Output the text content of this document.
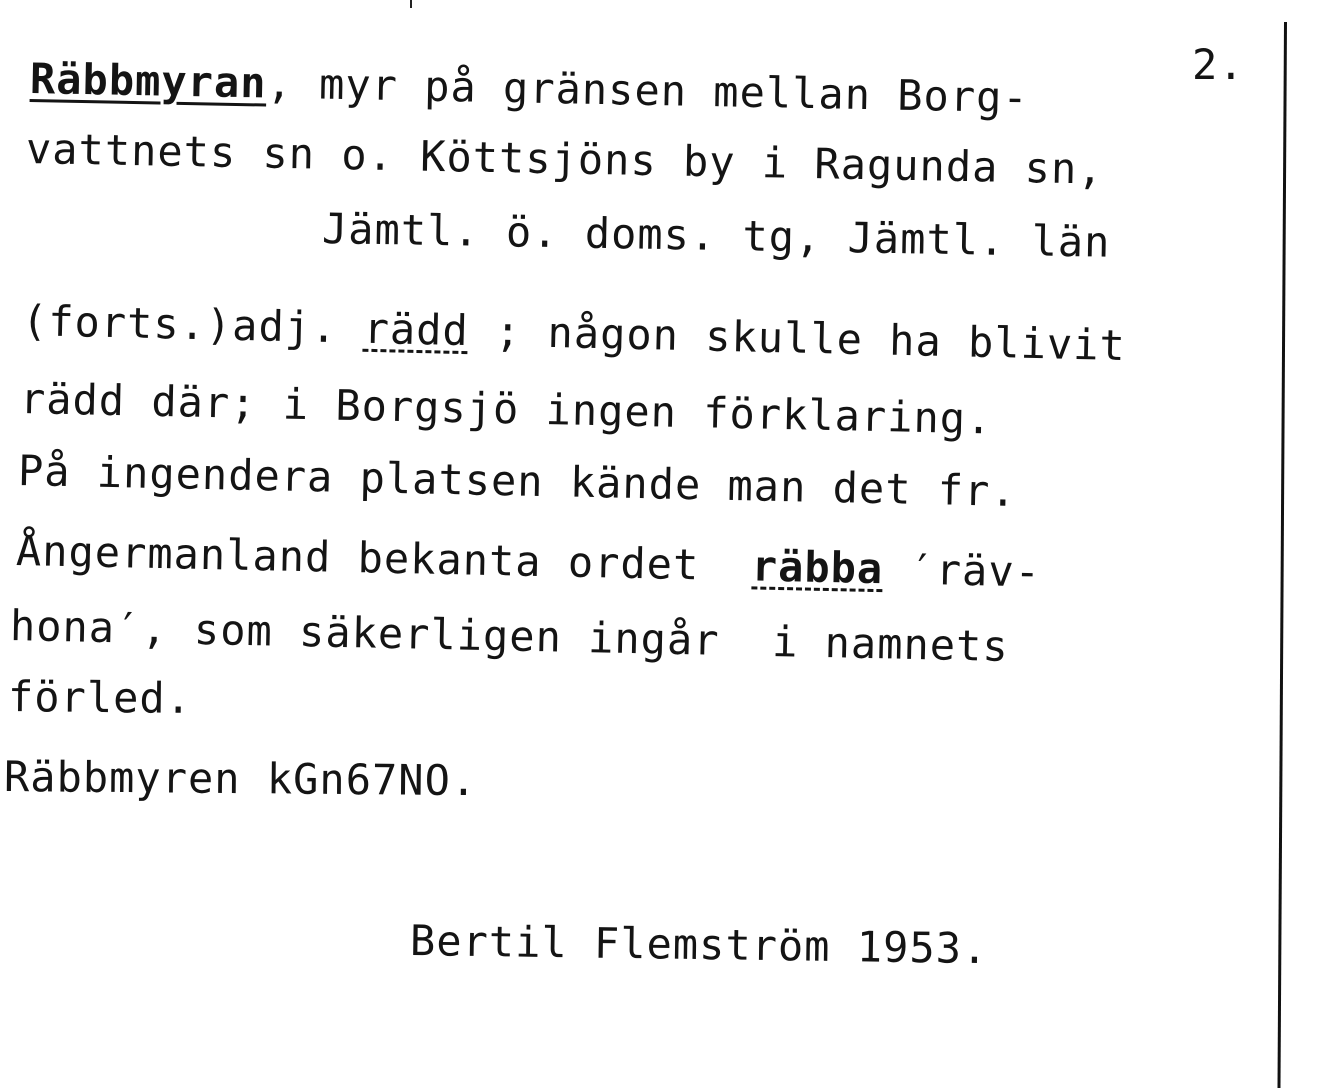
Räbbmyran, myr på gränsen mellan Borg-	2.
vattnets sn o. Köttsjöns by i Ragunda sn,
Jämtl. ö. doms. tg, Jämtl. län
(forts.)adj. rädd ; någon skulle ha blivit
rädd där; i Borgsjö ingen förklaring.
På ingendera platsen kände man det fr.
Ångermanland bekanta ordet  räbba ′räv-
hona′, som säkerligen ingår  i namnets
förled.
Räbbmyren kGn67NO.
Bertil Flemström 1953.
